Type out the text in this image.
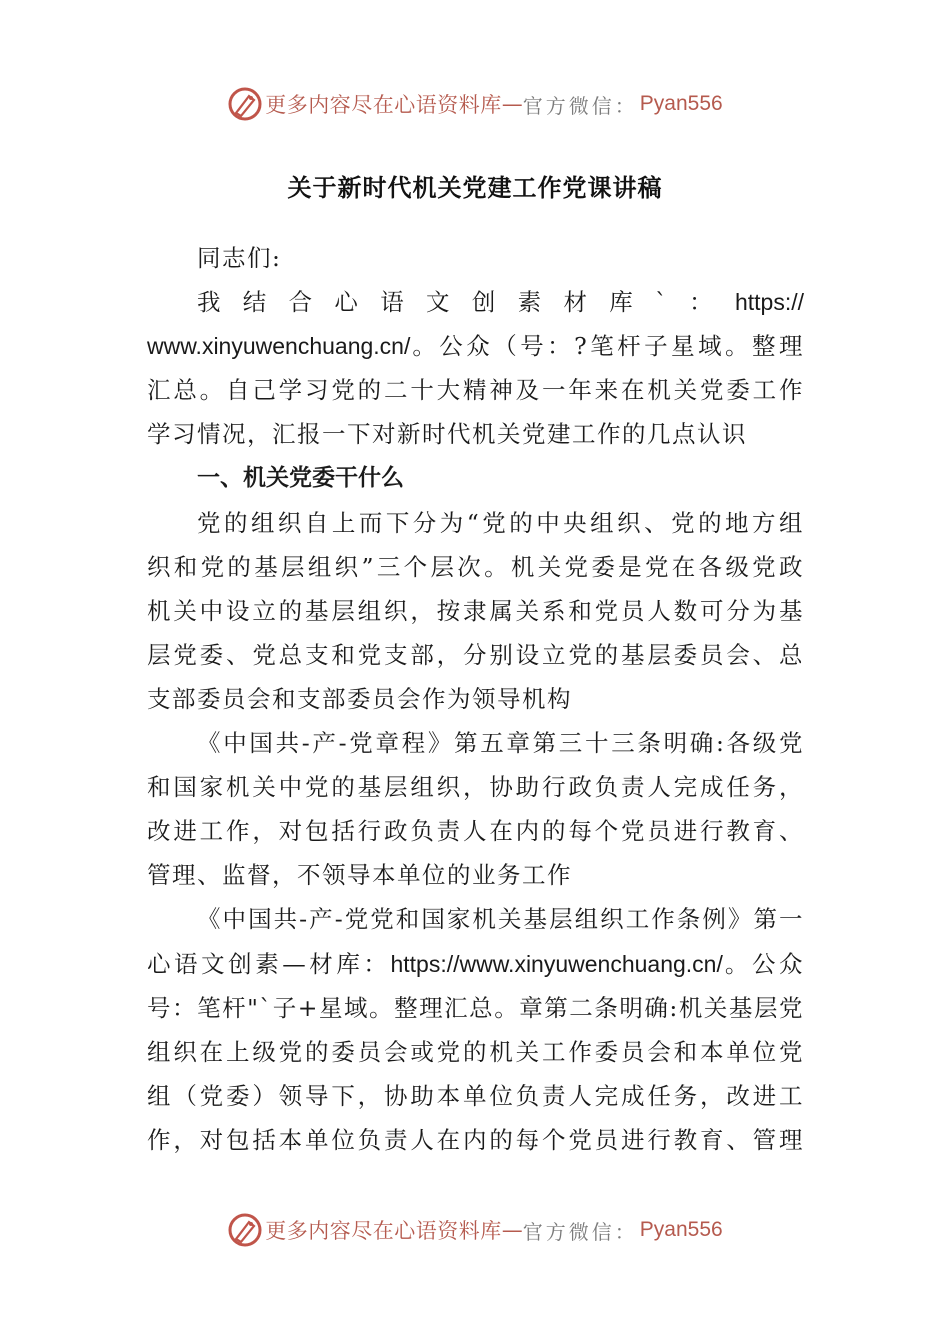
更多内容尽在心语资料库 — 官方微信： Pyan556
关于新时代机关党建工作党课讲稿
同志们:
我结合心语文创素材库`：https://
www.xinyuwenchuang.cn/。公众（号：?笔杆子星域。整理
汇总。自己学习党的二十大精神及一年来在机关党委工作
学习情况，汇报一下对新时代机关党建工作的几点认识
一、机关党委干什么
党的组织自上而下分为“党的中央组织、党的地方组
织和党的基层组织”三个层次。机关党委是党在各级党政
机关中设立的基层组织，按隶属关系和党员人数可分为基
层党委、党总支和党支部，分别设立党的基层委员会、总
支部委员会和支部委员会作为领导机构
《中国共-产-党章程》第五章第三十三条明确:各级党
和国家机关中党的基层组织，协助行政负责人完成任务，
改进工作，对包括行政负责人在内的每个党员进行教育、
管理、监督，不领导本单位的业务工作
《中国共-产-党党和国家机关基层组织工作条例》第一
心语文创素—材库：https://www.xinyuwenchuang.cn/。公众
号：笔杆"`子+星域。整理汇总。章第二条明确:机关基层党
组织在上级党的委员会或党的机关工作委员会和本单位党
组（党委）领导下，协助本单位负责人完成任务，改进工
作，对包括本单位负责人在内的每个党员进行教育、管理
更多内容尽在心语资料库 — 官方微信： Pyan556
